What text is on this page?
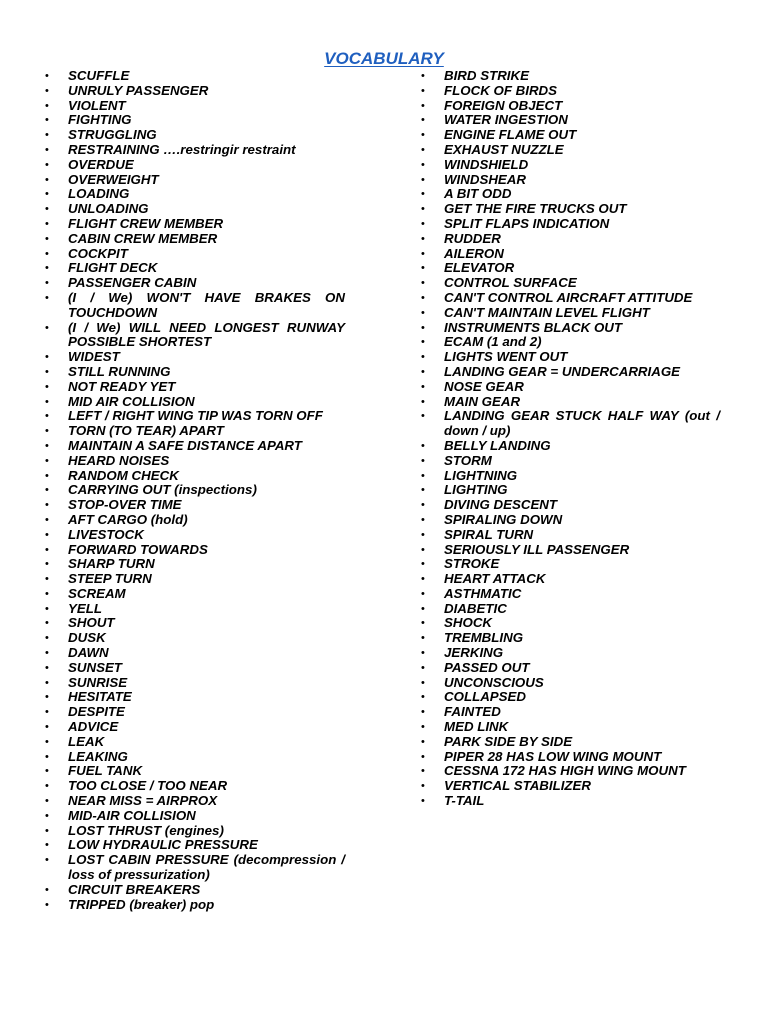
VOCABULARY
• SCUFFLE
• UNRULY PASSENGER
• VIOLENT
• FIGHTING
• STRUGGLING
• RESTRAINING ….restringir restraint
• OVERDUE
• OVERWEIGHT
• LOADING
• UNLOADING
• FLIGHT CREW MEMBER
• CABIN CREW MEMBER
• COCKPIT
• FLIGHT DECK
• PASSENGER CABIN
• (I / We) WON'T HAVE BRAKES ON TOUCHDOWN
• (I / We) WILL NEED LONGEST RUNWAY POSSIBLE SHORTEST
• WIDEST
• STILL RUNNING
• NOT READY YET
• MID AIR COLLISION
• LEFT / RIGHT WING TIP WAS TORN OFF
• TORN (TO TEAR) APART
• MAINTAIN A SAFE DISTANCE APART
• HEARD NOISES
• RANDOM CHECK
• CARRYING OUT (inspections)
• STOP-OVER TIME
• AFT CARGO (hold)
• LIVESTOCK
• FORWARD TOWARDS
• SHARP TURN
• STEEP TURN
• SCREAM
• YELL
• SHOUT
• DUSK
• DAWN
• SUNSET
• SUNRISE
• HESITATE
• DESPITE
• ADVICE
• LEAK
• LEAKING
• FUEL TANK
• TOO CLOSE / TOO NEAR
• NEAR MISS = AIRPROX
• MID-AIR COLLISION
• LOST THRUST (engines)
• LOW HYDRAULIC PRESSURE
• LOST CABIN PRESSURE (decompression / loss of pressurization)
• CIRCUIT BREAKERS
• TRIPPED (breaker) pop
• BIRD STRIKE
• FLOCK OF BIRDS
• FOREIGN OBJECT
• WATER INGESTION
• ENGINE FLAME OUT
• EXHAUST NUZZLE
• WINDSHIELD
• WINDSHEAR
• A BIT ODD
• GET THE FIRE TRUCKS OUT
• SPLIT FLAPS INDICATION
• RUDDER
• AILERON
• ELEVATOR
• CONTROL SURFACE
• CAN'T CONTROL AIRCRAFT ATTITUDE
• CAN'T MAINTAIN LEVEL FLIGHT
• INSTRUMENTS BLACK OUT
• ECAM (1 and 2)
• LIGHTS WENT OUT
• LANDING GEAR = UNDERCARRIAGE
• NOSE GEAR
• MAIN GEAR
• LANDING GEAR STUCK HALF WAY (out / down / up)
• BELLY LANDING
• STORM
• LIGHTNING
• LIGHTING
• DIVING DESCENT
• SPIRALING DOWN
• SPIRAL TURN
• SERIOUSLY ILL PASSENGER
• STROKE
• HEART ATTACK
• ASTHMATIC
• DIABETIC
• SHOCK
• TREMBLING
• JERKING
• PASSED OUT
• UNCONSCIOUS
• COLLAPSED
• FAINTED
• MED LINK
• PARK SIDE BY SIDE
• PIPER 28 HAS LOW WING MOUNT
• CESSNA 172 HAS HIGH WING MOUNT
• VERTICAL STABILIZER
• T-TAIL
